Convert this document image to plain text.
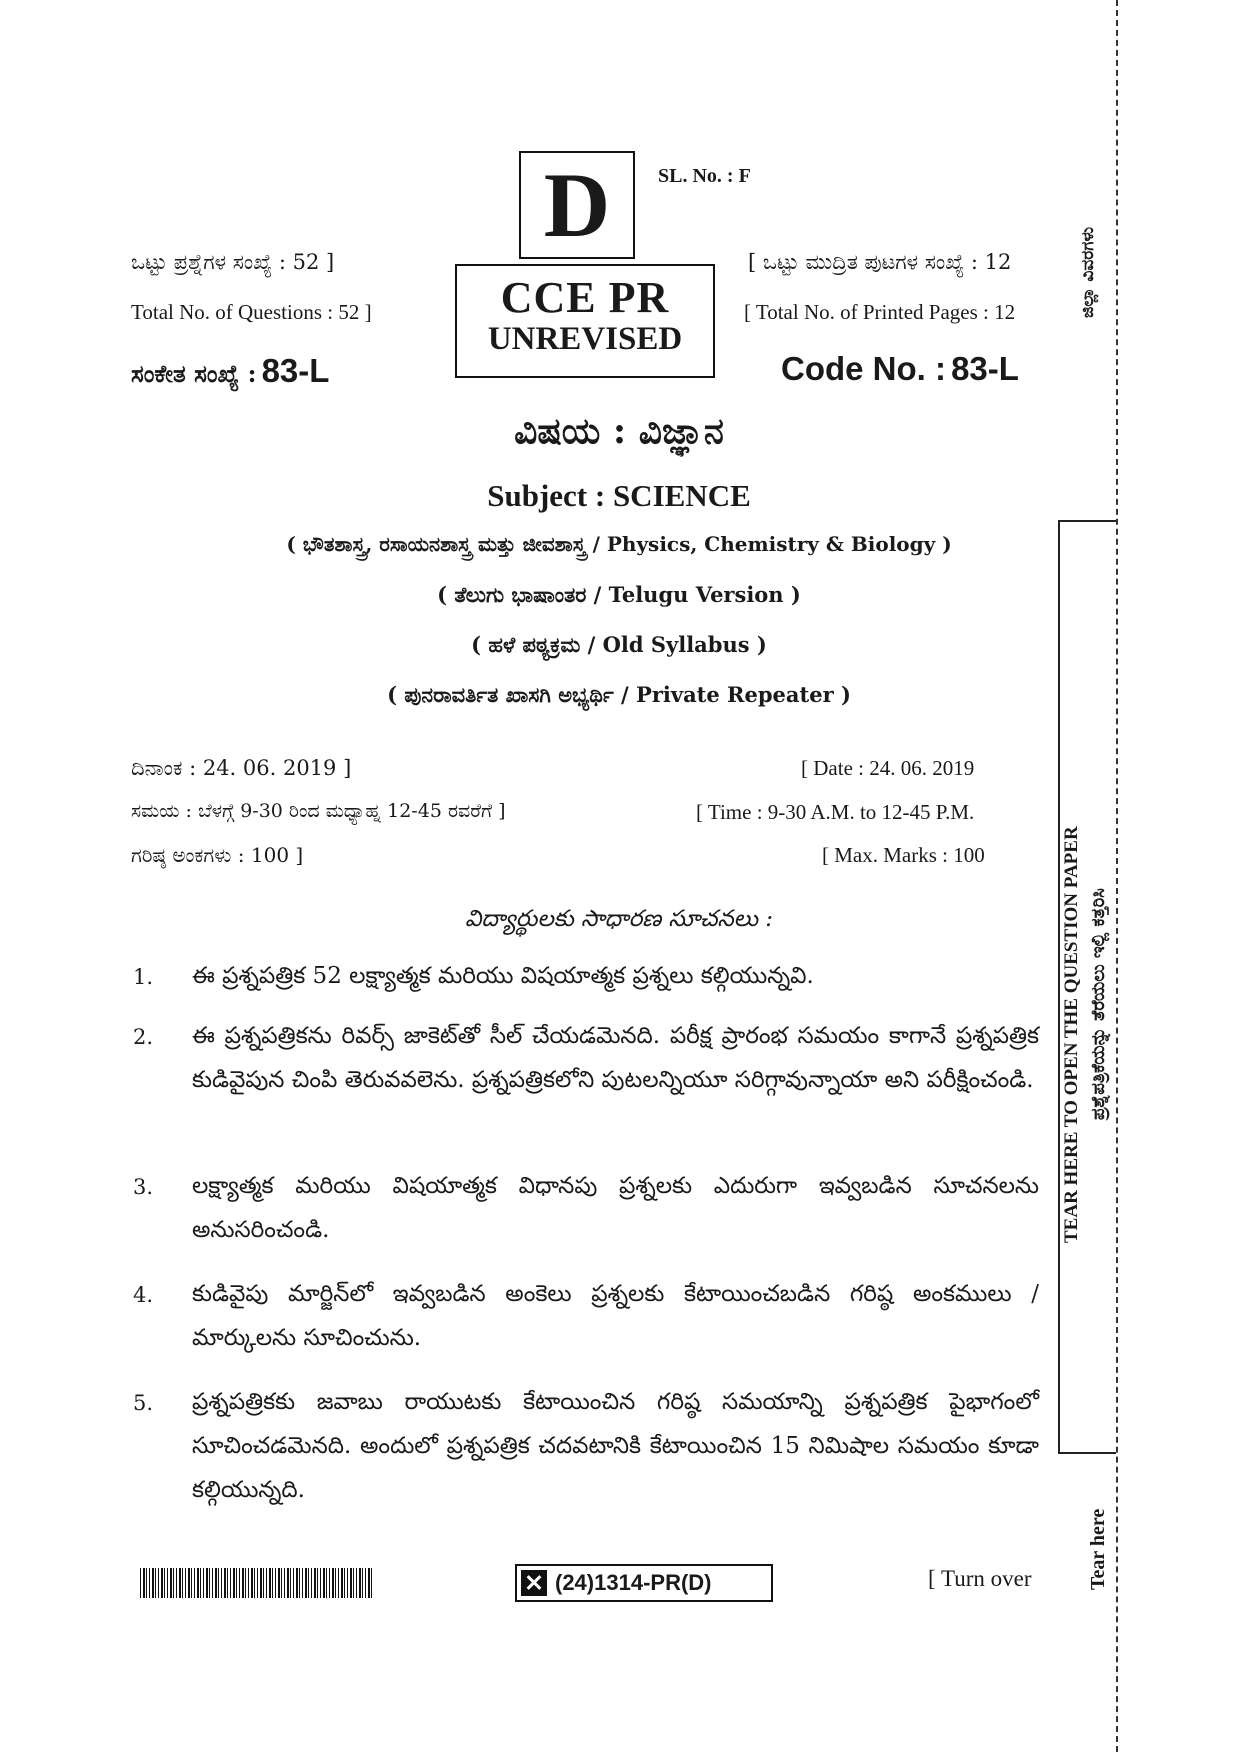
TEAR HERE TO OPEN THE QUESTION PAPER ಪ್ರಶ್ನೆಪತ್ರಿಕೆಯನ್ನು ತೆರೆಯಲು ಇಲ್ಲಿ ಕತ್ತರಿಸಿ
Tear here
ಜಿಲ್ಲಾ ವಿವರಗಳು
D	SL. No. : F
CCE PR
UNREVISED
ಒಟ್ಟು ಪ್ರಶ್ನೆಗಳ ಸಂಖ್ಯೆ : 52 ]
Total No. of Questions : 52 ]
[ ಒಟ್ಟು ಮುದ್ರಿತ ಪುಟಗಳ ಸಂಖ್ಯೆ : 12
[ Total No. of Printed Pages : 12
ಸಂಕೇತ ಸಂಖ್ಯೆ : 83-L	Code No. : 83-L
ವಿಷಯ : ವಿಜ್ಞಾನ
Subject : SCIENCE
( ಭೌತಶಾಸ್ತ್ರ, ರಸಾಯನಶಾಸ್ತ್ರ ಮತ್ತು ಜೀವಶಾಸ್ತ್ರ / Physics, Chemistry & Biology )
( ತೆಲುಗು ಭಾಷಾಂತರ / Telugu Version )
( ಹಳೆ ಪಠ್ಯಕ್ರಮ / Old Syllabus )
( ಪುನರಾವರ್ತಿತ ಖಾಸಗಿ ಅಭ್ಯರ್ಥಿ / Private Repeater )
ದಿನಾಂಕ : 24. 06. 2019 ]	[ Date : 24. 06. 2019
ಸಮಯ : ಬೆಳಗ್ಗೆ 9-30 ರಿಂದ ಮಧ್ಯಾಹ್ನ 12-45 ರವರೆಗೆ ]	[ Time : 9-30 A.M. to 12-45 P.M.
ಗರಿಷ್ಠ ಅಂಕಗಳು : 100 ]	[ Max. Marks : 100
విద్యార్థులకు సాధారణ సూచనలు :
1. ఈ ప్రశ్నపత్రిక 52 లక్ష్యాత్మక మరియు విషయాత్మక ప్రశ్నలు కల్గియున్నవి.
2. ఈ ప్రశ్నపత్రికను రివర్స్ జాకెట్‌తో సీల్ చేయడమెనది. పరీక్ష ప్రారంభ సమయం కాగానే ప్రశ్నపత్రిక కుడివైపున చింపి తెరువవలెను. ప్రశ్నపత్రికలోని పుటలన్నియూ సరిగ్గావున్నాయా అని పరీక్షించండి.
3. లక్ష్యాత్మక మరియు విషయాత్మక విధానపు ప్రశ్నలకు ఎదురుగా ఇవ్వబడిన సూచనలను అనుసరించండి.
4. కుడివైపు మార్జిన్‌లో ఇవ్వబడిన అంకెలు ప్రశ్నలకు కేటాయించబడిన గరిష్ఠ అంకములు / మార్కులను సూచించును.
5. ప్రశ్నపత్రికకు జవాబు రాయుటకు కేటాయించిన గరిష్ఠ సమయాన్ని ప్రశ్నపత్రిక పైభాగంలో సూచించడమెనది. అందులో ప్రశ్నపత్రిక చదవటానికి కేటాయించిన 15 నిమిషాల సమయం కూడా కల్గియున్నది.
(24)1314-PR(D)	[ Turn over
